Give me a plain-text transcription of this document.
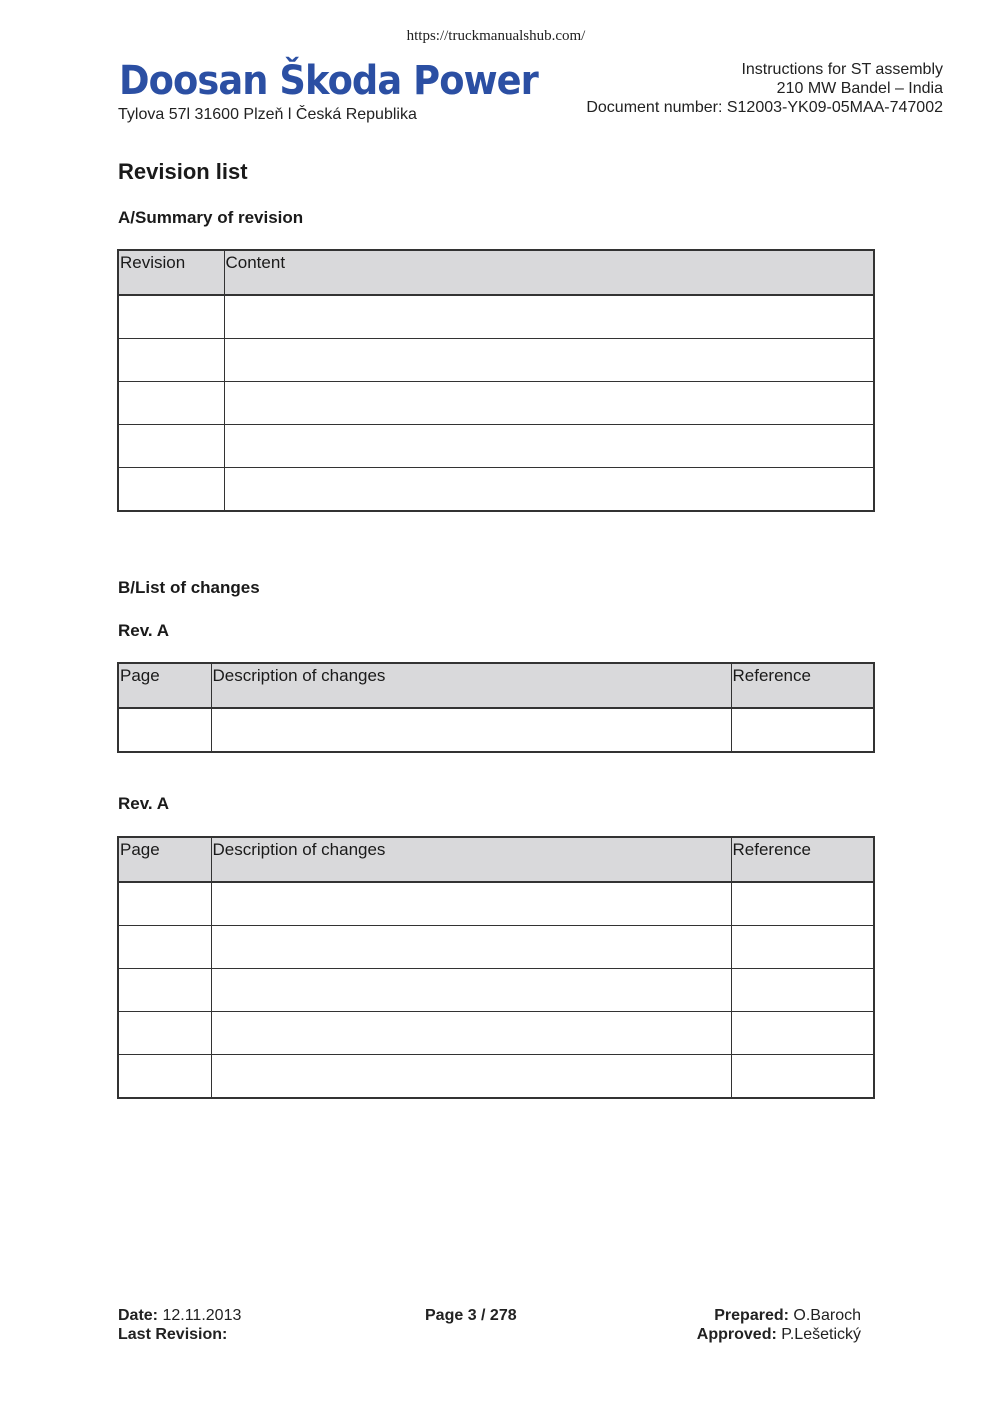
https://truckmanualshub.com/
Doosan Škoda Power
Tylova 57l 31600 Plzeň l Česká Republika
Instructions for ST assembly
210 MW Bandel – India
Document number: S12003-YK09-05MAA-747002
Revision list
A/Summary of revision
Revision	Content

B/List of changes
Rev. A
Page	Description of changes	Reference

Rev. A
Page	Description of changes	Reference

Date: 12.11.2013
Last Revision:
Page 3 / 278	Prepared: O.Baroch
Approved: P.Lešetický
